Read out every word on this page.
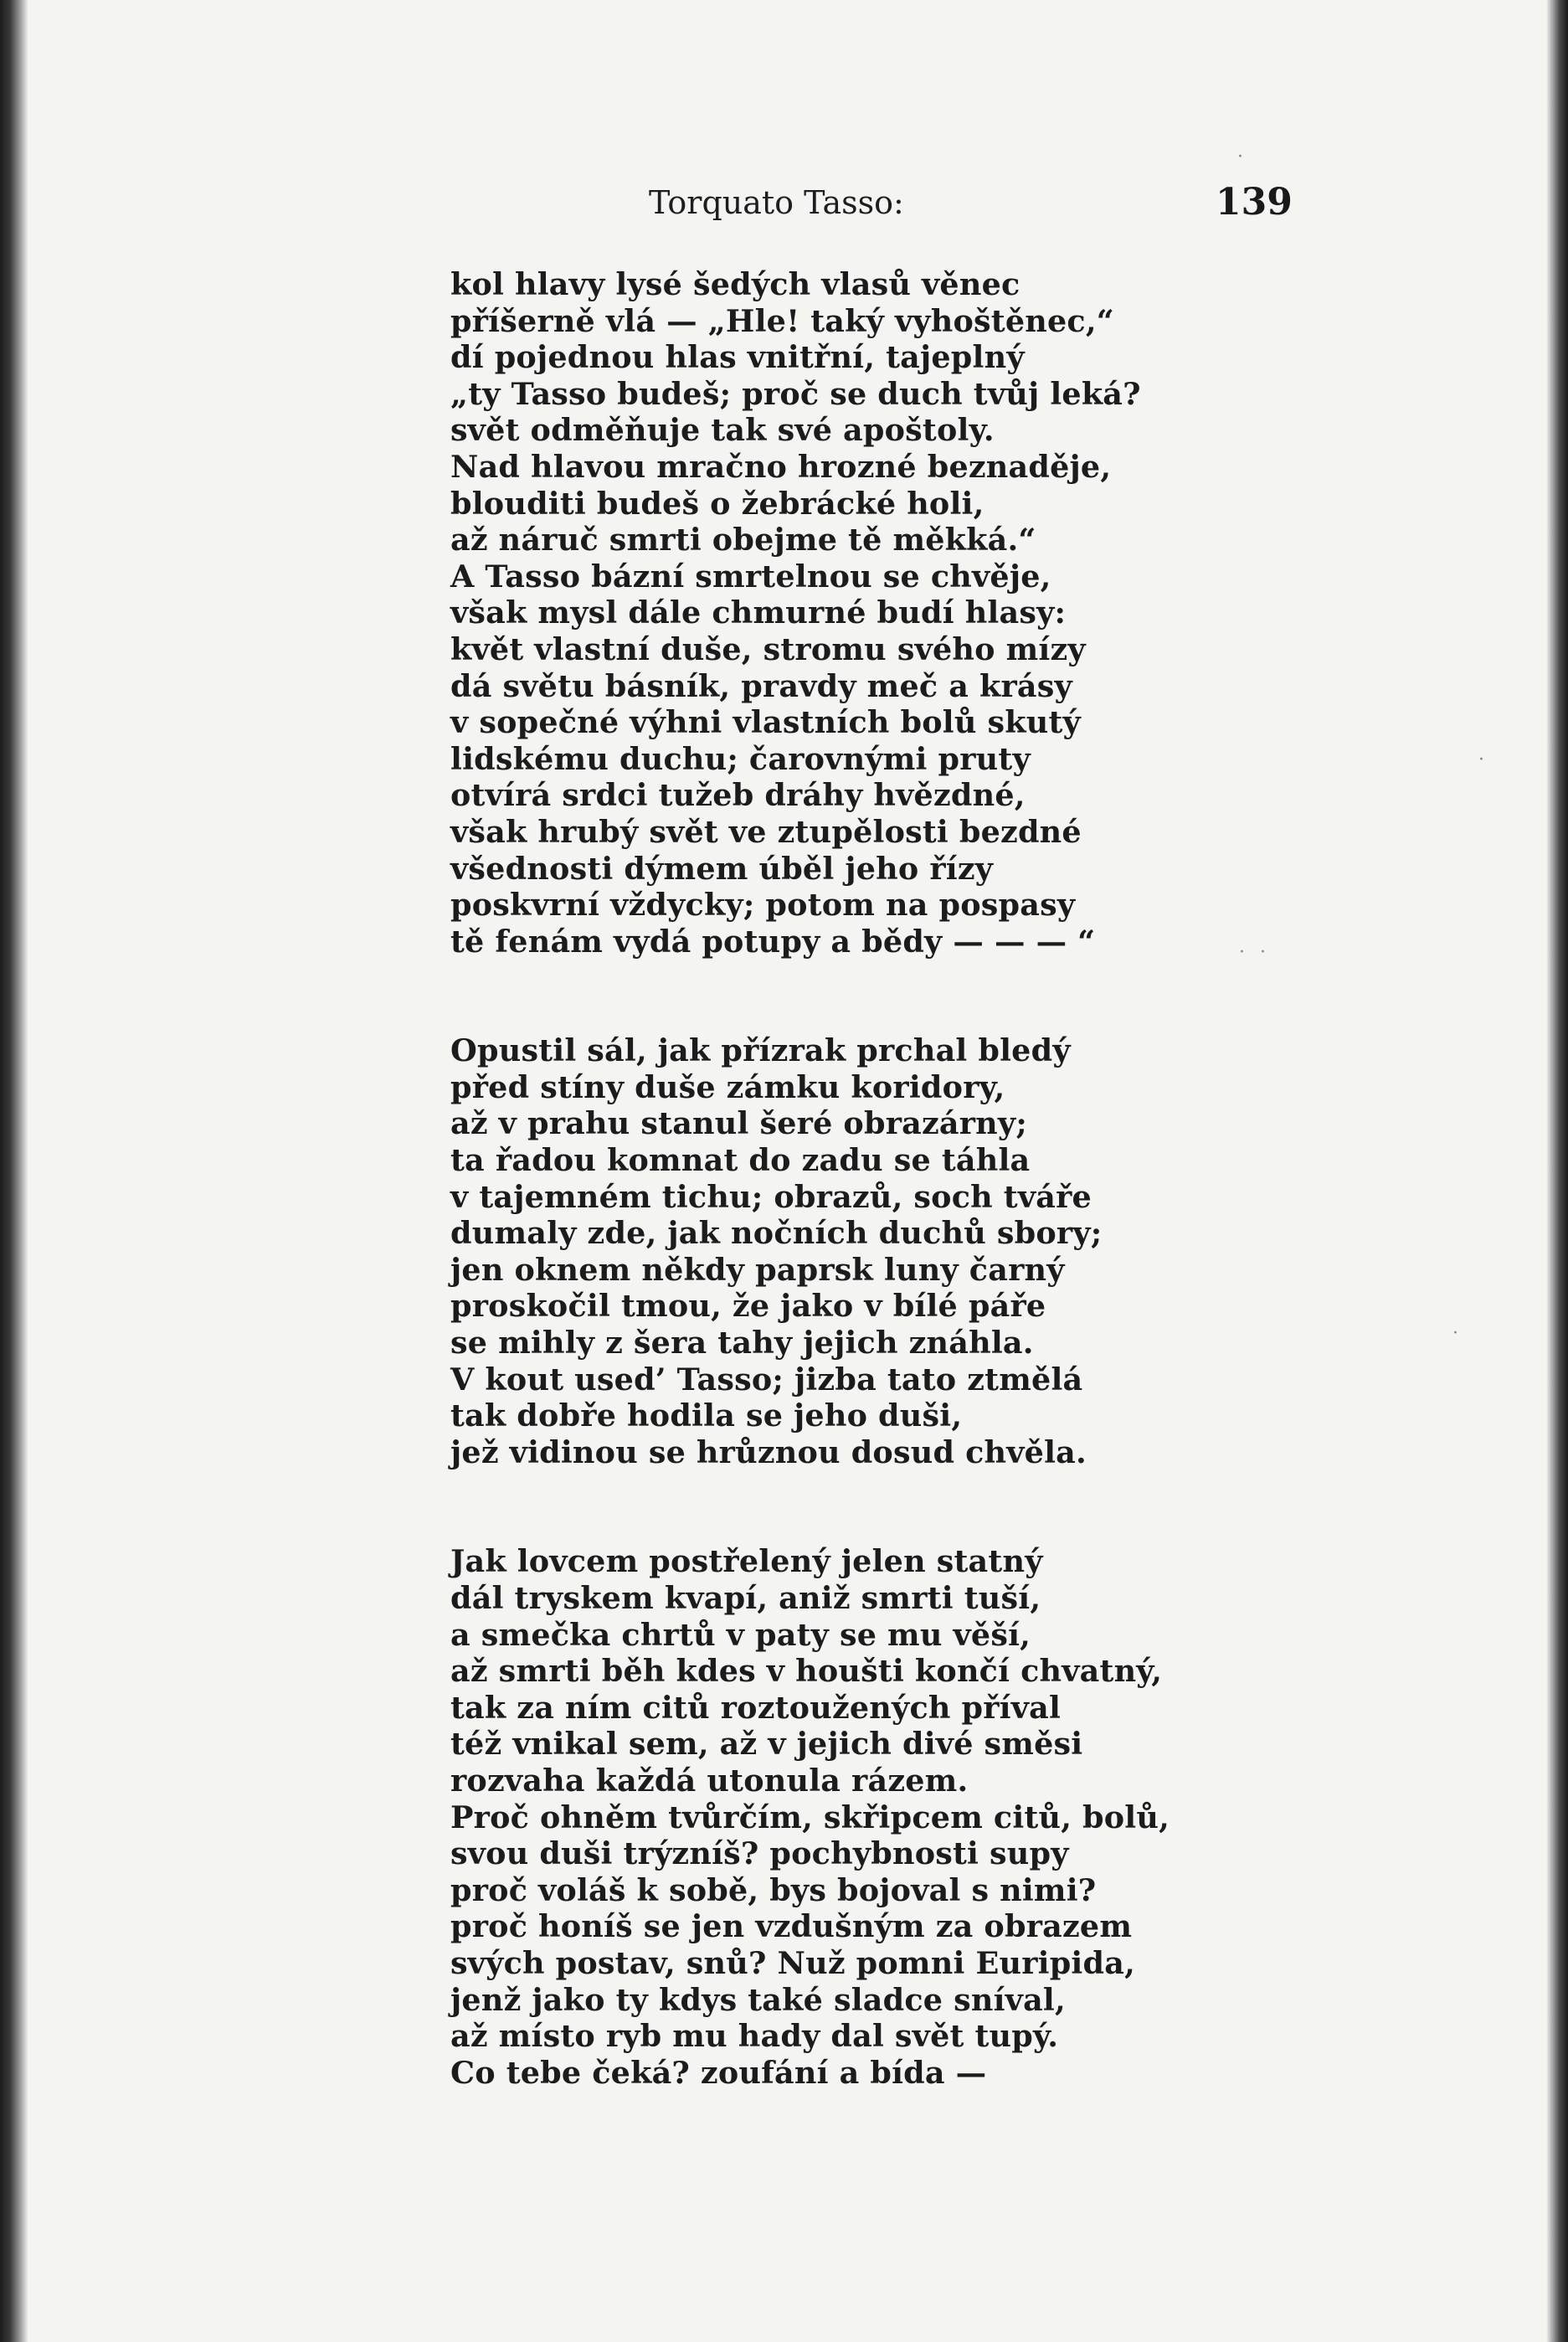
Torquato Tasso:	139
kol hlavy lysé šedých vlasů věnec
příšerně vlá — „Hle! taký vyhoštěnec,“
dí pojednou hlas vnitřní, tajeplný
„ty Tasso budeš; proč se duch tvůj leká?
svět odměňuje tak své apoštoly.
Nad hlavou mračno hrozné beznaděje,
blouditi budeš o žebrácké holi,
až náruč smrti obejme tě měkká.“
A Tasso bázní smrtelnou se chvěje,
však mysl dále chmurné budí hlasy:
květ vlastní duše, stromu svého mízy
dá světu básník, pravdy meč a krásy
v sopečné výhni vlastních bolů skutý
lidskému duchu; čarovnými pruty
otvírá srdci tužeb dráhy hvězdné,
však hrubý svět ve ztupělosti bezdné
všednosti dýmem úběl jeho řízy
poskvrní vždycky; potom na pospasy
tě fenám vydá potupy a bědy — — — “
Opustil sál, jak přízrak prchal bledý
před stíny duše zámku koridory,
až v prahu stanul šeré obrazárny;
ta řadou komnat do zadu se táhla
v tajemném tichu; obrazů, soch tváře
dumaly zde, jak nočních duchů sbory;
jen oknem někdy paprsk luny čarný
proskočil tmou, že jako v bílé páře
se mihly z šera tahy jejich znáhla.
V kout used’ Tasso; jizba tato ztmělá
tak dobře hodila se jeho duši,
jež vidinou se hrůznou dosud chvěla.
Jak lovcem postřelený jelen statný
dál tryskem kvapí, aniž smrti tuší,
a smečka chrtů v paty se mu věší,
až smrti běh kdes v houšti končí chvatný,
tak za ním citů roztoužených příval
též vnikal sem, až v jejich divé směsi
rozvaha každá utonula rázem.
Proč ohněm tvůrčím, skřipcem citů, bolů,
svou duši trýzníš? pochybnosti supy
proč voláš k sobě, bys bojoval s nimi?
proč honíš se jen vzdušným za obrazem
svých postav, snů? Nuž pomni Euripida,
jenž jako ty kdys také sladce sníval,
až místo ryb mu hady dal svět tupý.
Co tebe čeká? zoufání a bída —
·
· ·
·
·
